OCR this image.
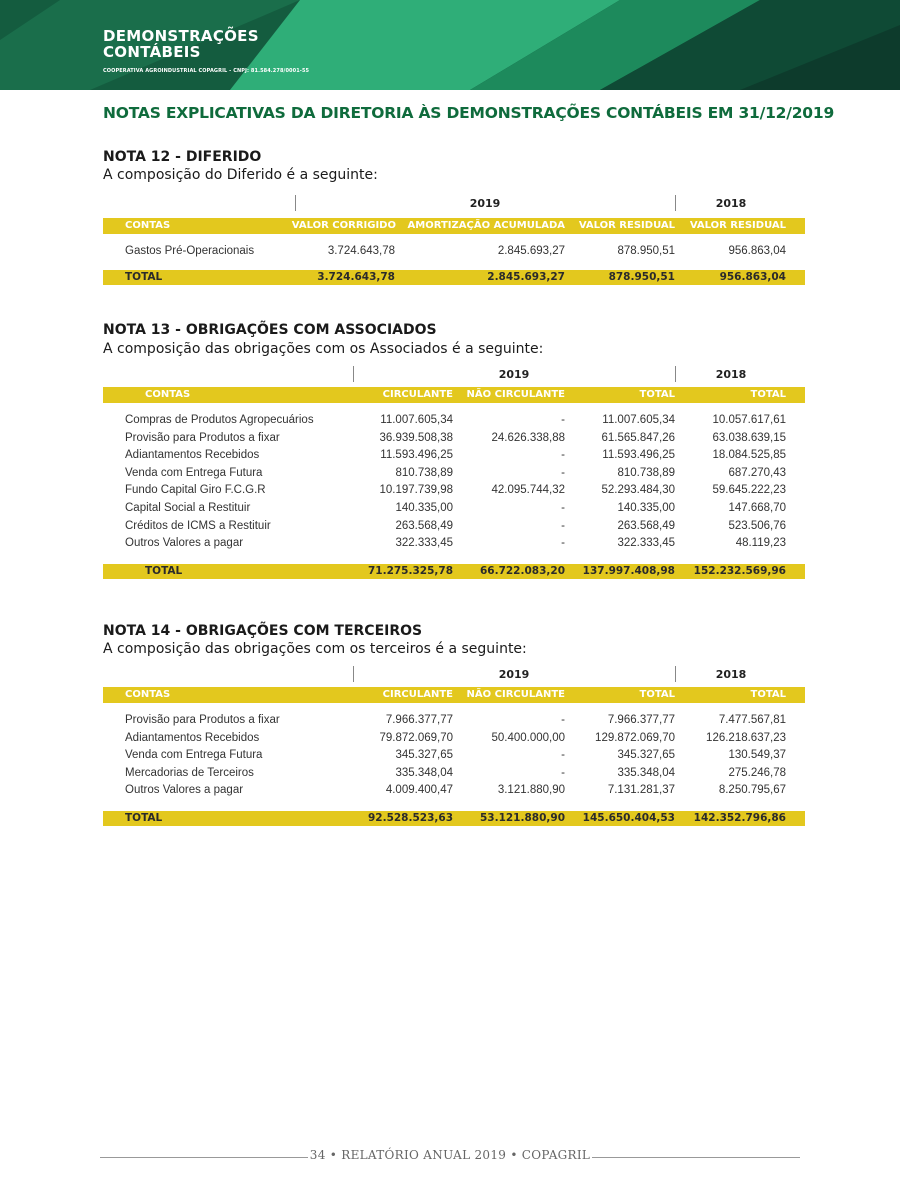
DEMONSTRAÇÕES
CONTÁBEIS
COOPERATIVA AGROINDUSTRIAL COPAGRIL - CNPJ: 81.584.278/0001-55
NOTAS EXPLICATIVAS DA DIRETORIA ÀS DEMONSTRAÇÕES CONTÁBEIS EM 31/12/2019
NOTA 12 - DIFERIDO
A composição do Diferido é a seguinte:
2019	2018
CONTAS	VALOR CORRIGIDO	AMORTIZAÇÃO ACUMULADA	VALOR RESIDUAL	VALOR RESIDUAL
Gastos Pré-Operacionais	3.724.643,78	2.845.693,27	878.950,51	956.863,04
TOTAL	3.724.643,78	2.845.693,27	878.950,51	956.863,04
NOTA 13 - OBRIGAÇÕES COM ASSOCIADOS
A composição das obrigações com os Associados é a seguinte:
2019	2018
CONTAS	CIRCULANTE	NÃO CIRCULANTE	TOTAL	TOTAL
Compras de Produtos Agropecuários	11.007.605,34	-	11.007.605,34	10.057.617,61
Provisão para Produtos a fixar	36.939.508,38	24.626.338,88	61.565.847,26	63.038.639,15
Adiantamentos Recebidos	11.593.496,25	-	11.593.496,25	18.084.525,85
Venda com Entrega Futura	810.738,89	-	810.738,89	687.270,43
Fundo Capital Giro F.C.G.R	10.197.739,98	42.095.744,32	52.293.484,30	59.645.222,23
Capital Social a Restituir	140.335,00	-	140.335,00	147.668,70
Créditos de ICMS a Restituir	263.568,49	-	263.568,49	523.506,76
Outros Valores a pagar	322.333,45	-	322.333,45	48.119,23
TOTAL	71.275.325,78	66.722.083,20	137.997.408,98	152.232.569,96
NOTA 14 - OBRIGAÇÕES COM TERCEIROS
A composição das obrigações com os terceiros é a seguinte:
2019	2018
CONTAS	CIRCULANTE	NÃO CIRCULANTE	TOTAL	TOTAL
Provisão para Produtos a fixar	7.966.377,77	-	7.966.377,77	7.477.567,81
Adiantamentos Recebidos	79.872.069,70	50.400.000,00	129.872.069,70	126.218.637,23
Venda com Entrega Futura	345.327,65	-	345.327,65	130.549,37
Mercadorias de Terceiros	335.348,04	-	335.348,04	275.246,78
Outros Valores a pagar	4.009.400,47	3.121.880,90	7.131.281,37	8.250.795,67
TOTAL	92.528.523,63	53.121.880,90	145.650.404,53	142.352.796,86
34 • RELATÓRIO ANUAL 2019 • COPAGRIL
